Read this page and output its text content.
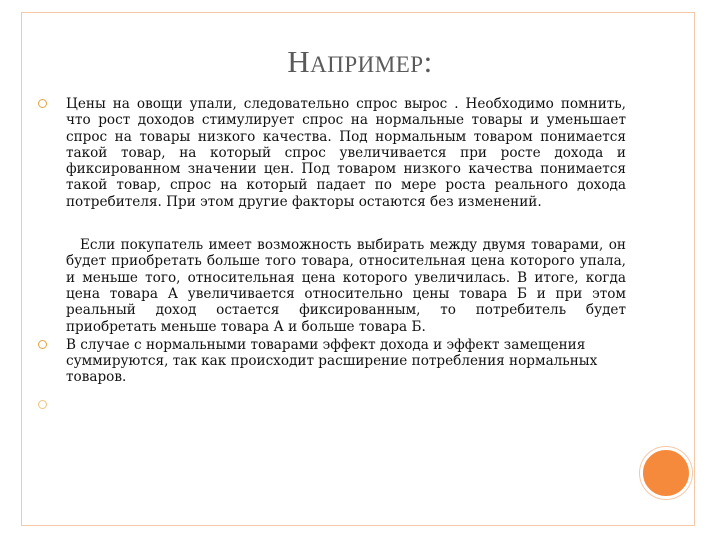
НАПРИМЕР:
Цены на овощи упали, следовательно спрос вырос . Необходимо помнить, что рост доходов стимулирует спрос на нормальные товары и уменьшает спрос на товары низкого качества. Под нормальным товаром понимается такой товар, на который спрос увеличивается при росте дохода и фиксированном значении цен. Под товаром низкого качества понимается такой товар, спрос на который падает по мере роста реального дохода потребителя. При этом другие факторы остаются без изменений.
Если покупатель имеет возможность выбирать между двумя товарами, он будет приобретать больше того товара, относительная цена которого упала, и меньше того, относительная цена которого увеличилась. В итоге, когда цена товара А увеличивается относительно цены товара Б и при этом реальный доход остается фиксированным, то потребитель будет приобретать меньше товара А и больше товара Б.
В случае с нормальными товарами эффект дохода и эффект замещения суммируются, так как происходит расширение потребления нормальных товаров.
